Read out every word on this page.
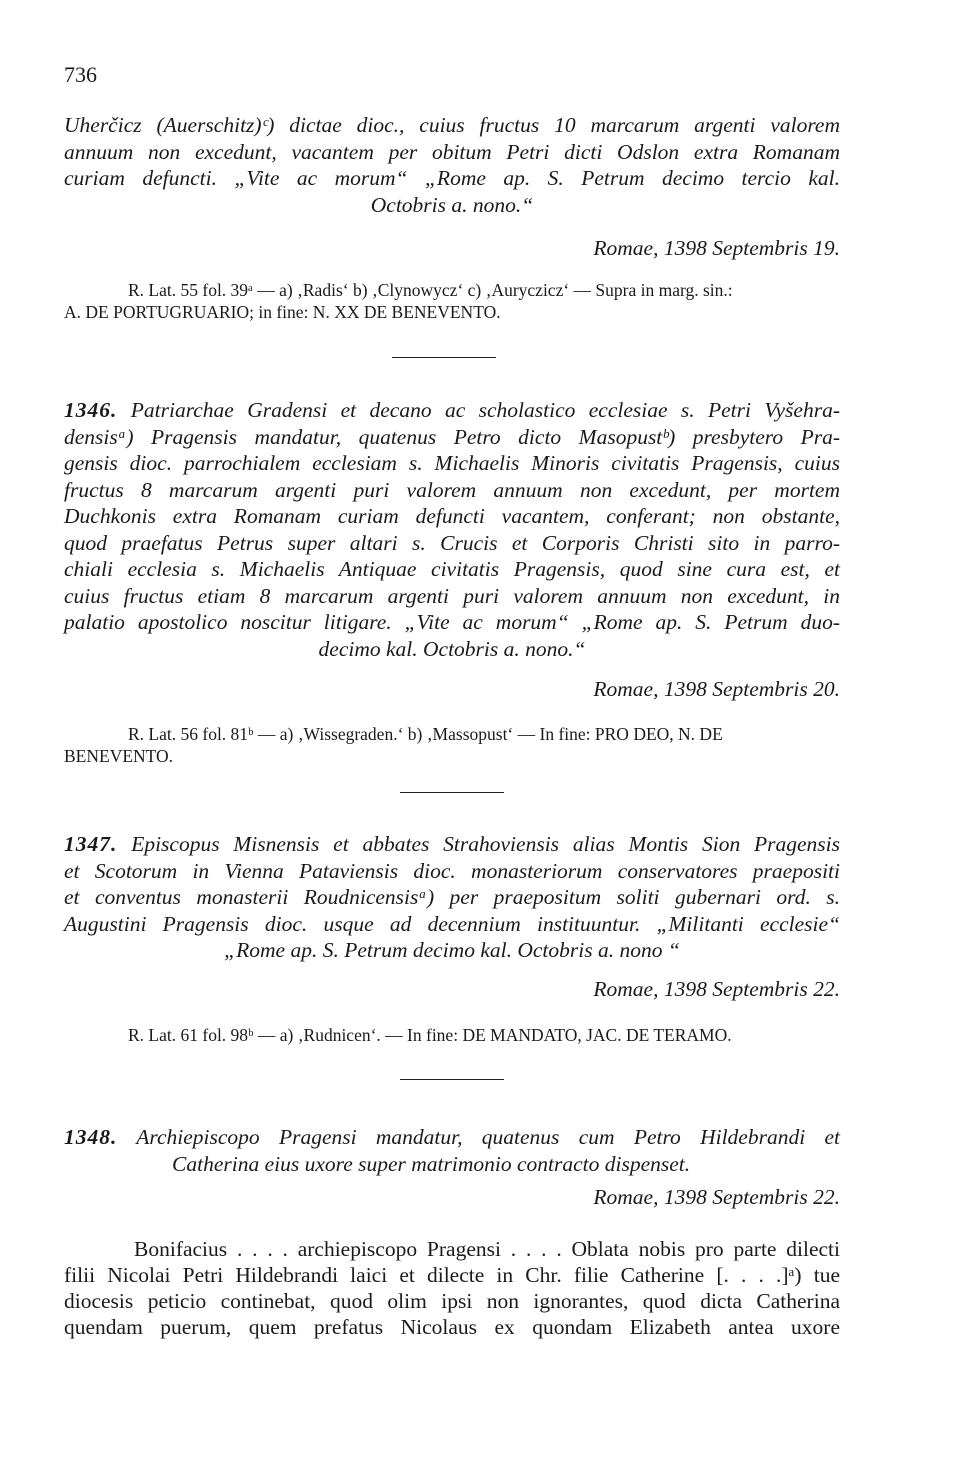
736
Uherčicz (Auerschitz)ᶜ) dictae dioc., cuius fructus 10 marcarum argenti valorem
annuum non excedunt, vacantem per obitum Petri dicti Odslon extra Romanam
curiam defuncti. „Vite ac morum“ „Rome ap. S. Petrum decimo tercio kal.
Octobris a. nono.“
Romae, 1398 Septembris 19.
R. Lat. 55 fol. 39ᵃ — a) ‚Radis‘ b) ‚Clynowycz‘ c) ‚Auryczicz‘ — Supra in marg. sin.:
A. DE PORTUGRUARIO; in fine: N. XX DE BENEVENTO.
1346. Patriarchae Gradensi et decano ac scholastico ecclesiae s. Petri Vyšehra-
densisᵃ) Pragensis mandatur, quatenus Petro dicto Masopustᵇ) presbytero Pra-
gensis dioc. parrochialem ecclesiam s. Michaelis Minoris civitatis Pragensis, cuius
fructus 8 marcarum argenti puri valorem annuum non excedunt, per mortem
Duchkonis extra Romanam curiam defuncti vacantem, conferant; non obstante,
quod praefatus Petrus super altari s. Crucis et Corporis Christi sito in parro-
chiali ecclesia s. Michaelis Antiquae civitatis Pragensis, quod sine cura est, et
cuius fructus etiam 8 marcarum argenti puri valorem annuum non excedunt, in
palatio apostolico noscitur litigare. „Vite ac morum“ „Rome ap. S. Petrum duo-
decimo kal. Octobris a. nono.“
Romae, 1398 Septembris 20.
R. Lat. 56 fol. 81ᵇ — a) ‚Wissegraden.‘ b) ‚Massopust‘ — In fine: PRO DEO, N. DE
BENEVENTO.
1347. Episcopus Misnensis et abbates Strahoviensis alias Montis Sion Pragensis
et Scotorum in Vienna Pataviensis dioc. monasteriorum conservatores praepositi
et conventus monasterii Roudnicensisᵃ) per praepositum soliti gubernari ord. s.
Augustini Pragensis dioc. usque ad decennium instituuntur. „Militanti ecclesie“
„Rome ap. S. Petrum decimo kal. Octobris a. nono “
Romae, 1398 Septembris 22.
R. Lat. 61 fol. 98ᵇ — a) ‚Rudnicen‘. — In fine: DE MANDATO, JAC. DE TERAMO.
1348. Archiepiscopo Pragensi mandatur, quatenus cum Petro Hildebrandi et
Catherina eius uxore super matrimonio contracto dispenset.
Romae, 1398 Septembris 22.
Bonifacius . . . . archiepiscopo Pragensi . . . . Oblata nobis pro parte dilecti
filii Nicolai Petri Hildebrandi laici et dilecte in Chr. filie Catherine [. . . .]ᵃ) tue
diocesis peticio continebat, quod olim ipsi non ignorantes, quod dicta Catherina
quendam puerum, quem prefatus Nicolaus ex quondam Elizabeth antea uxore
